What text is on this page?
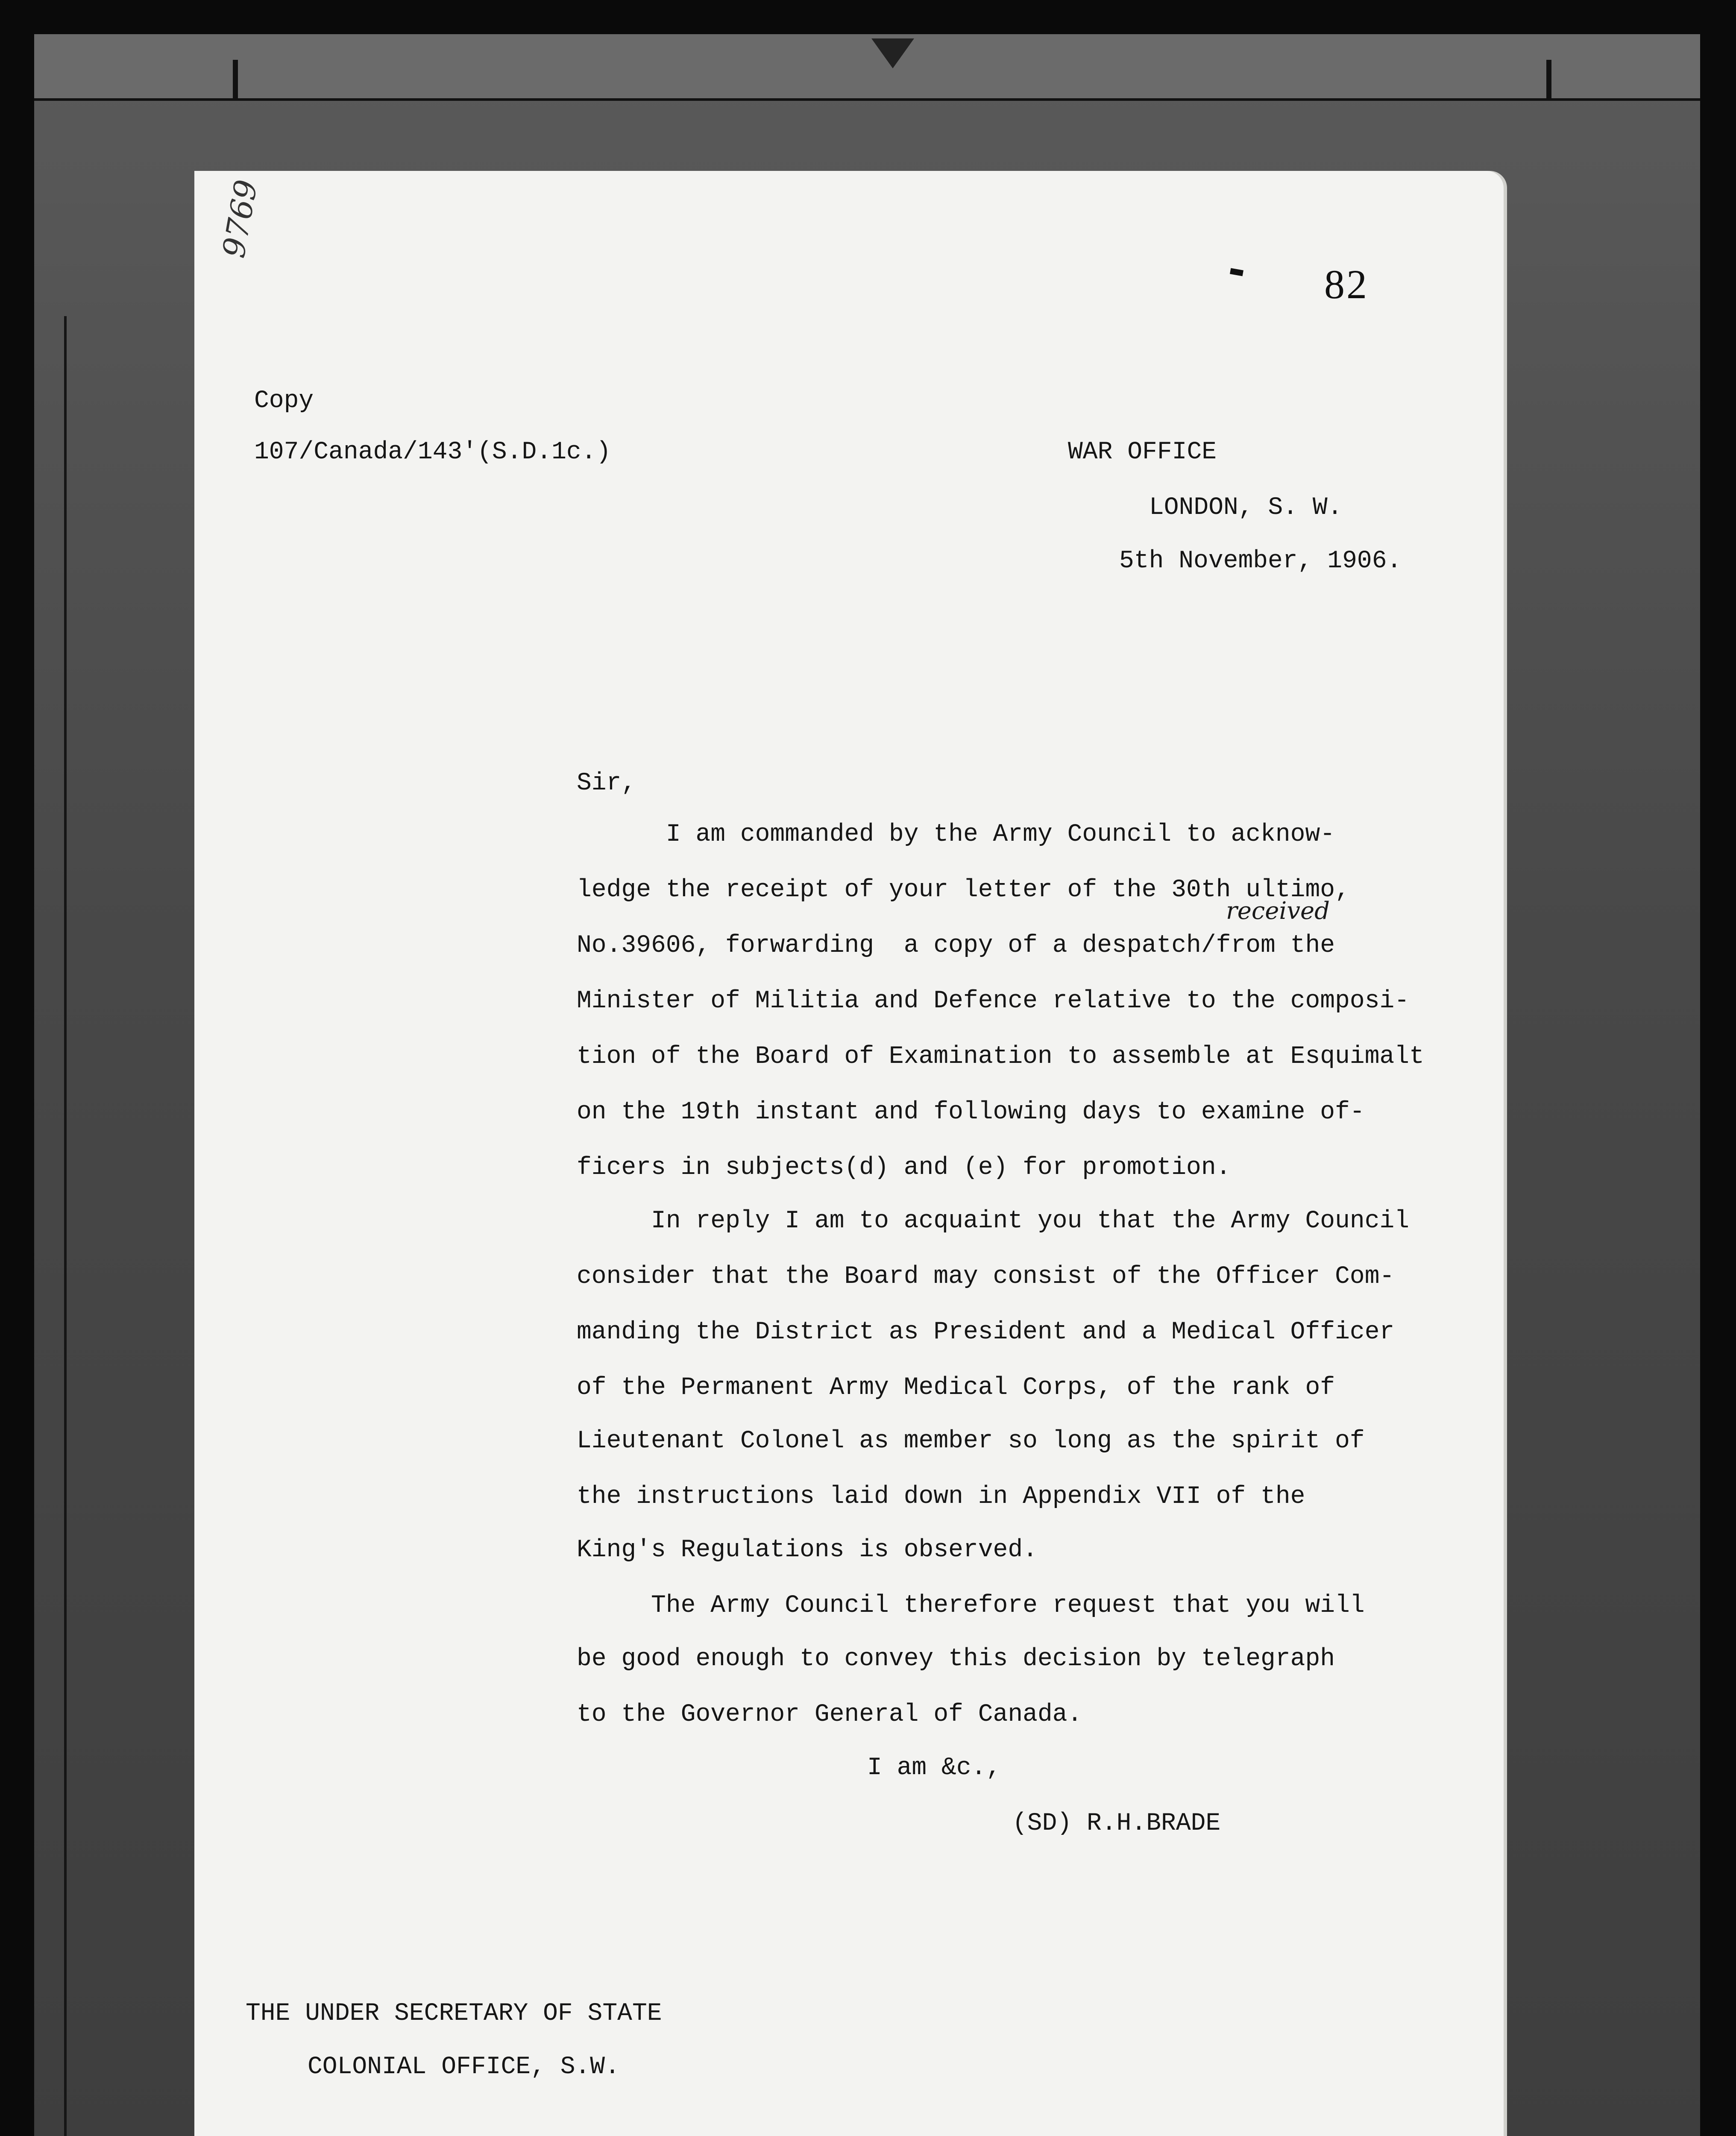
9769
82
Copy
107/Canada/143'(S.D.1c.)	WAR OFFICE
LONDON, S. W.
5th November, 1906.
Sir,
received
I am commanded by the Army Council to acknow-
ledge the receipt of your letter of the 30th ultimo,
No.39606, forwarding  a copy of a despatch/from the
Minister of Militia and Defence relative to the composi-
tion of the Board of Examination to assemble at Esquimalt
on the 19th instant and following days to examine of-
ficers in subjects(d) and (e) for promotion.
In reply I am to acquaint you that the Army Council
consider that the Board may consist of the Officer Com-
manding the District as President and a Medical Officer
of the Permanent Army Medical Corps, of the rank of
Lieutenant Colonel as member so long as the spirit of
the instructions laid down in Appendix VII of the
King's Regulations is observed.
The Army Council therefore request that you will
be good enough to convey this decision by telegraph
to the Governor General of Canada.
I am &c.,
(SD) R.H.BRADE
THE UNDER SECRETARY OF STATE
COLONIAL OFFICE, S.W.
